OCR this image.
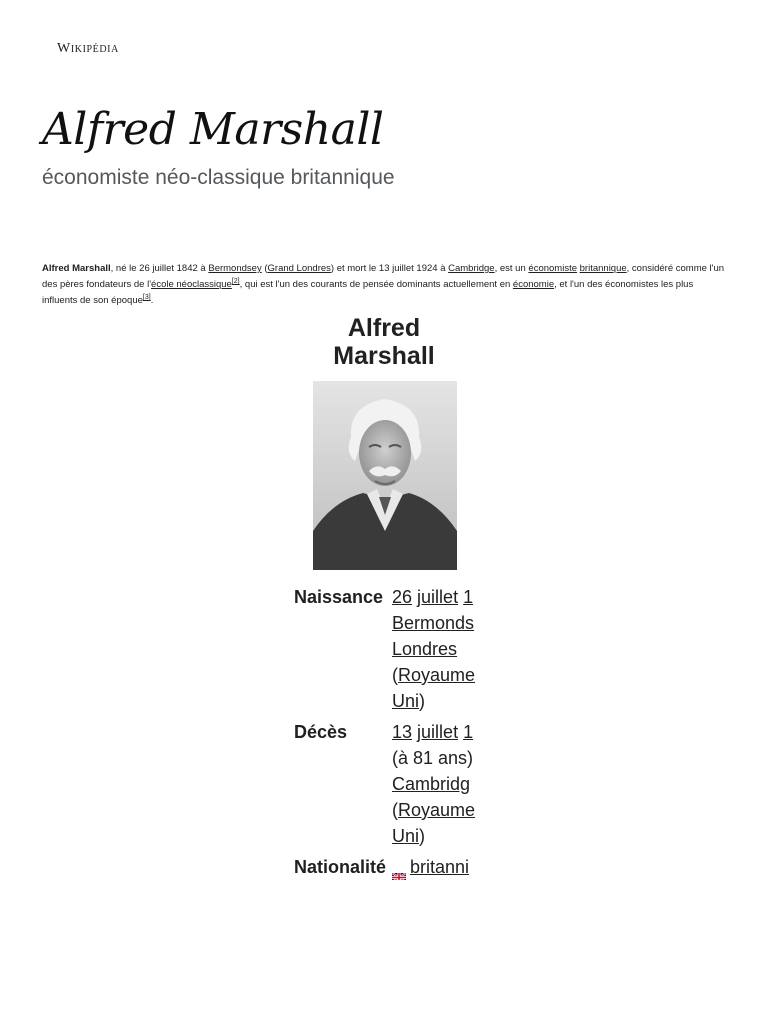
Wikipédia
Alfred Marshall
économiste néo-classique britannique

Alfred Marshall, né le 26 juillet 1842 à Bermondsey (Grand Londres) et mort le 13 juillet 1924 à Cambridge, est un économiste britannique, considéré comme l'un des pères fondateurs de l'école néoclassique[2], qui est l'un des courants de pensée dominants actuellement en économie, et l'un des économistes les plus influents de son époque[3].

Alfred
Marshall
Naissance 26 juillet 1
Bermonds
Londres
(Royaume
Uni)
Décès	13 juillet 1
(à 81 ans)
Cambridg
(Royaume
Uni)
Nationalité	britanni
